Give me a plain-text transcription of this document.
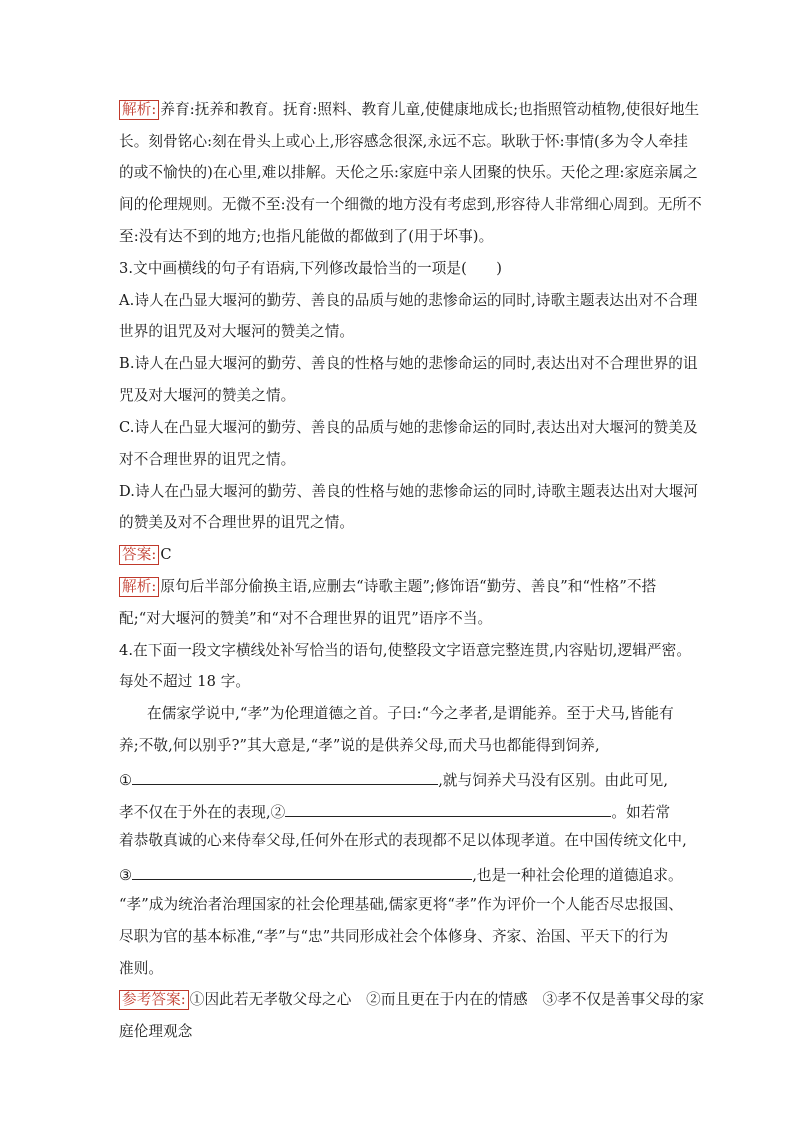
解析: 养育:抚养和教育。抚育:照料、教育儿童,使健康地成长;也指照管动植物,使很好地生
长。刻骨铭心:刻在骨头上或心上,形容感念很深,永远不忘。耿耿于怀:事情(多为令人牵挂
的或不愉快的)在心里,难以排解。天伦之乐:家庭中亲人团聚的快乐。天伦之理:家庭亲属之
间的伦理规则。无微不至:没有一个细微的地方没有考虑到,形容待人非常细心周到。无所不
至:没有达不到的地方;也指凡能做的都做到了(用于坏事)。
3.文中画横线的句子有语病,下列修改最恰当的一项是(　　)
A.诗人在凸显大堰河的勤劳、善良的品质与她的悲惨命运的同时,诗歌主题表达出对不合理
世界的诅咒及对大堰河的赞美之情。
B.诗人在凸显大堰河的勤劳、善良的性格与她的悲惨命运的同时,表达出对不合理世界的诅
咒及对大堰河的赞美之情。
C.诗人在凸显大堰河的勤劳、善良的品质与她的悲惨命运的同时,表达出对大堰河的赞美及
对不合理世界的诅咒之情。
D.诗人在凸显大堰河的勤劳、善良的性格与她的悲惨命运的同时,诗歌主题表达出对大堰河
的赞美及对不合理世界的诅咒之情。
答案: C
解析: 原句后半部分偷换主语,应删去“诗歌主题”;修饰语“勤劳、善良”和“性格”不搭
配;“对大堰河的赞美”和“对不合理世界的诅咒”语序不当。
4.在下面一段文字横线处补写恰当的语句,使整段文字语意完整连贯,内容贴切,逻辑严密。
每处不超过 18 字。
在儒家学说中,“孝”为伦理道德之首。子曰:“今之孝者,是谓能养。至于犬马,皆能有
养;不敬,何以别乎?”其大意是,“孝”说的是供养父母,而犬马也都能得到饲养,
①	,就与饲养犬马没有区别。由此可见,
孝不仅在于外在的表现,②	。如若常
着恭敬真诚的心来侍奉父母,任何外在形式的表现都不足以体现孝道。在中国传统文化中,
③	,也是一种社会伦理的道德追求。
“孝”成为统治者治理国家的社会伦理基础,儒家更将“孝”作为评价一个人能否尽忠报国、
尽职为官的基本标准,“孝”与“忠”共同形成社会个体修身、齐家、治国、平天下的行为
准则。
参考答案: ①因此若无孝敬父母之心　②而且更在于内在的情感　③孝不仅是善事父母的家
庭伦理观念
